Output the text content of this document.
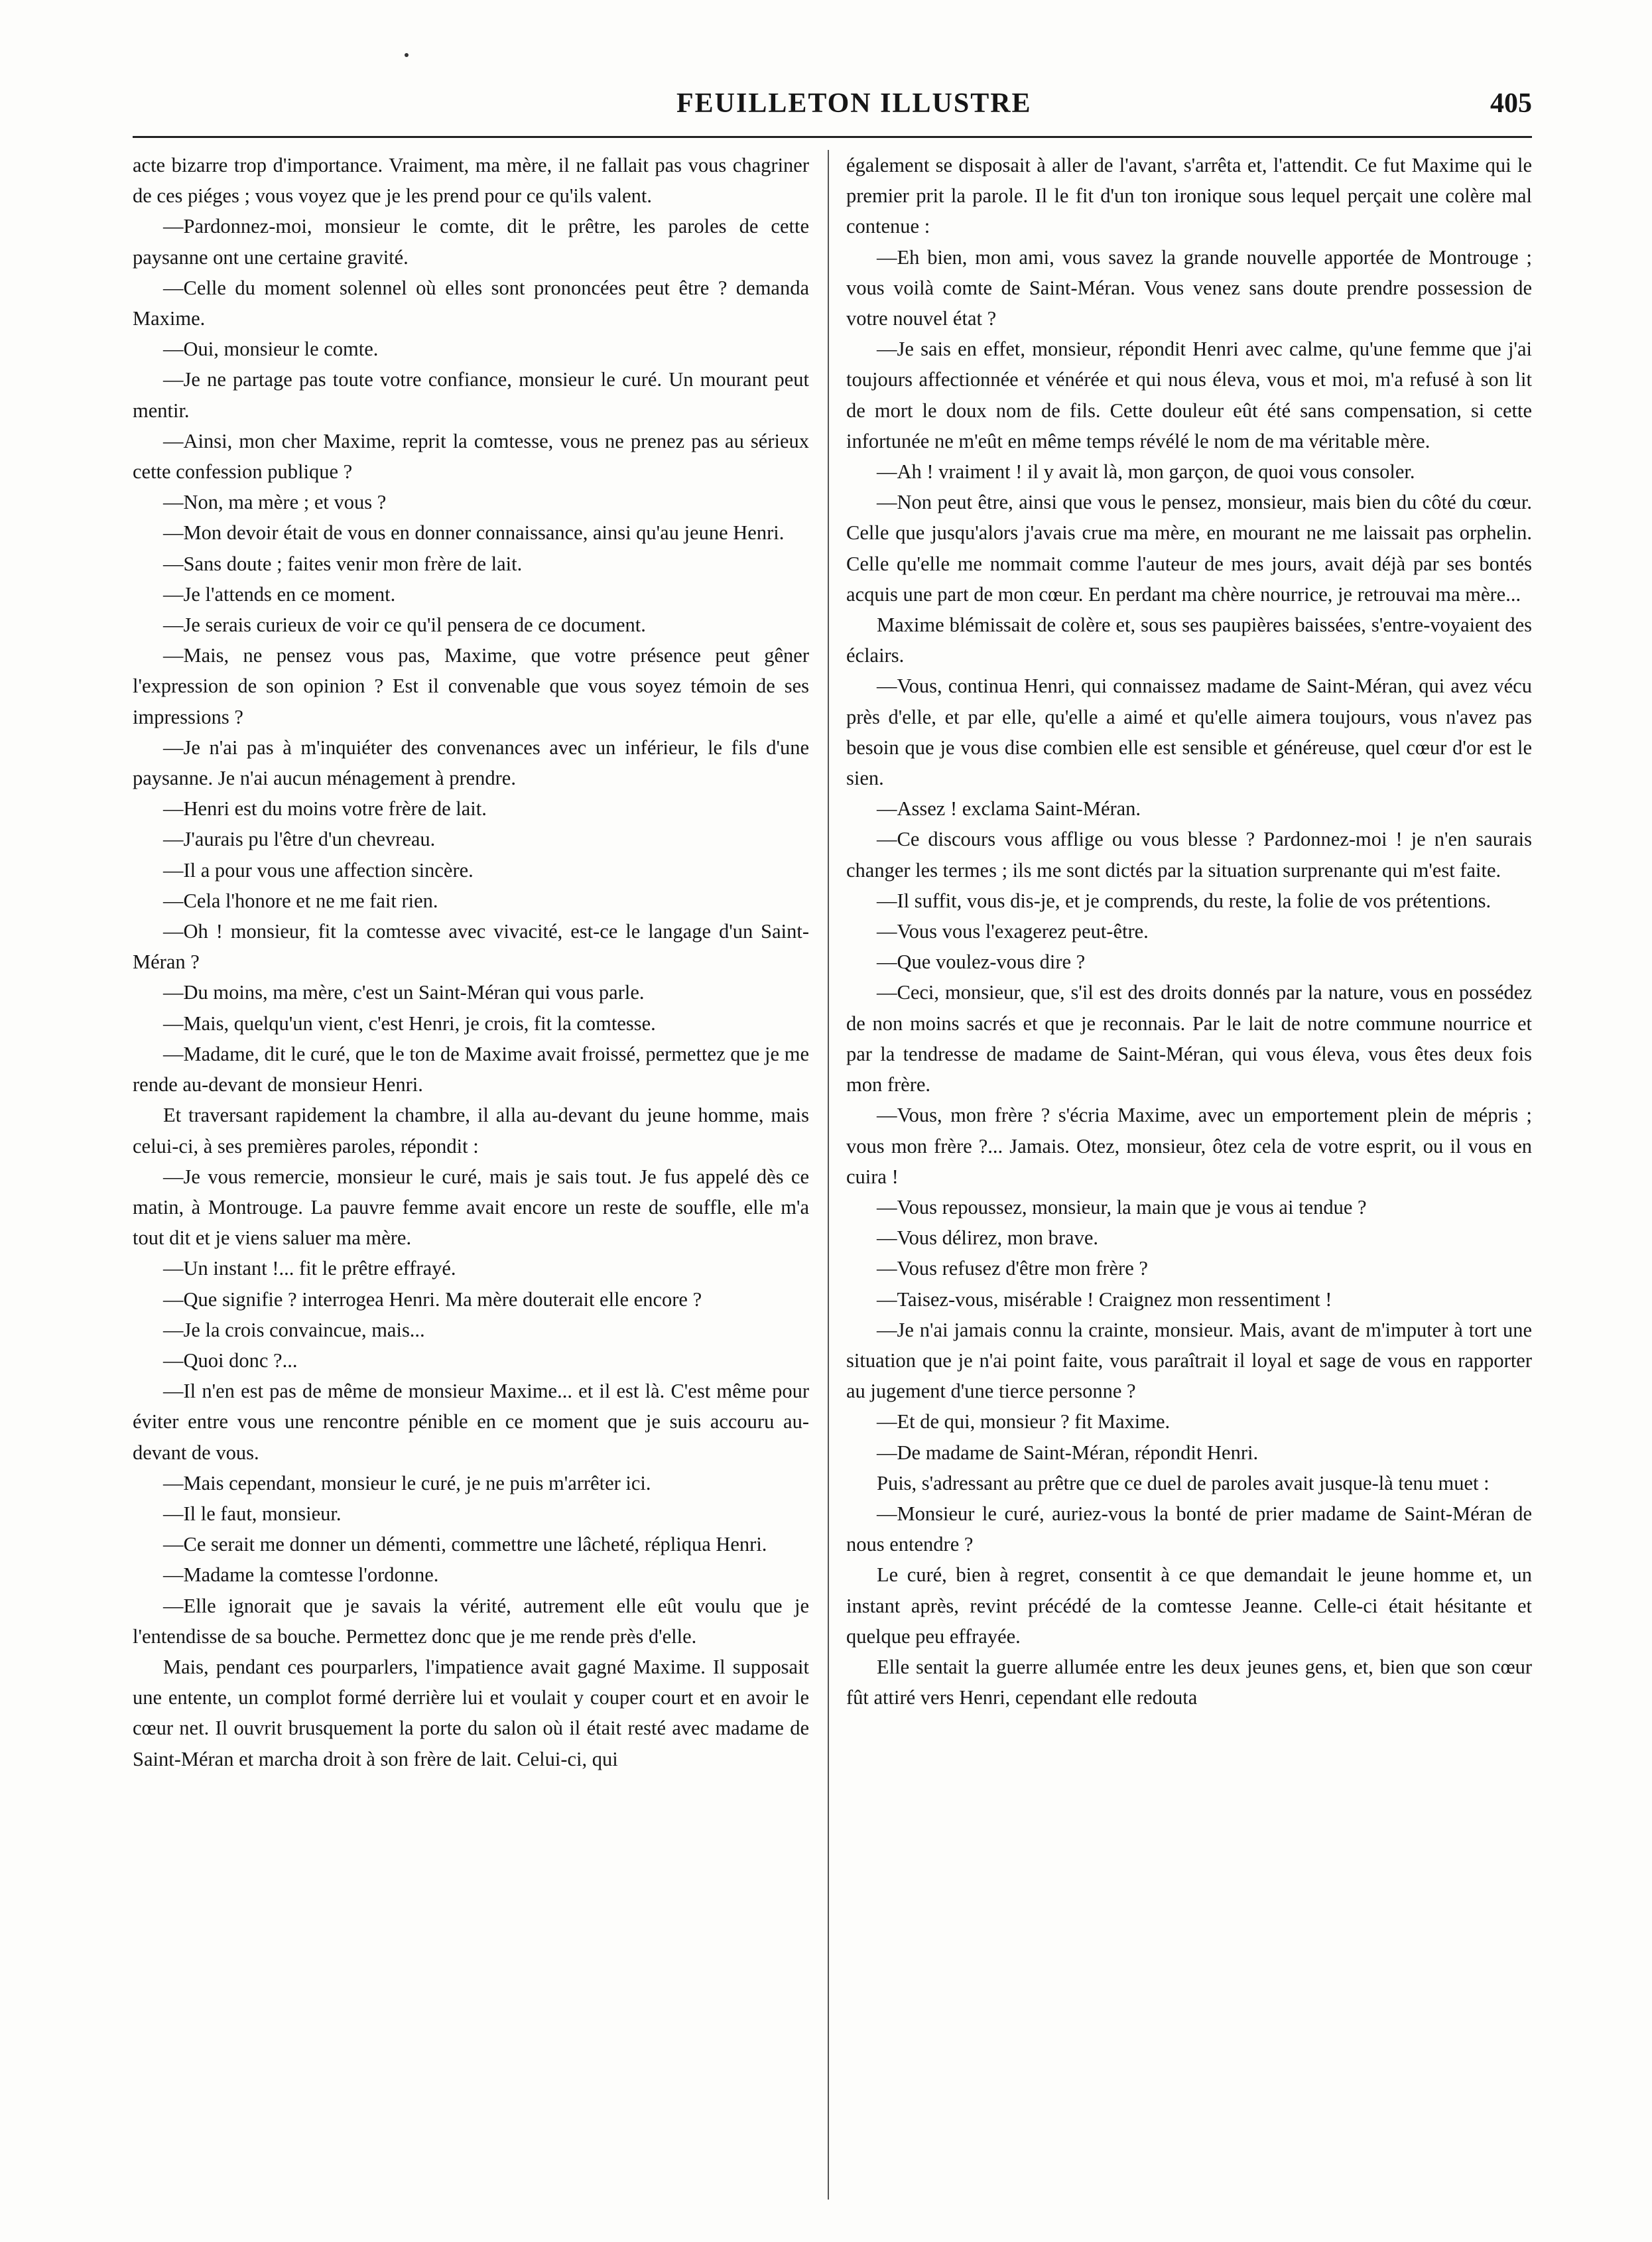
FEUILLETON ILLUSTRE	405

acte bizarre trop d'importance. Vraiment, ma mère, il ne fallait pas vous chagriner de ces piéges ; vous voyez que je les prend pour ce qu'ils valent.

—Pardonnez-moi, monsieur le comte, dit le prêtre, les paroles de cette paysanne ont une certaine gravité.

—Celle du moment solennel où elles sont prononcées peut être ? demanda Maxime.

—Oui, monsieur le comte.

—Je ne partage pas toute votre confiance, monsieur le curé. Un mourant peut mentir.

—Ainsi, mon cher Maxime, reprit la comtesse, vous ne prenez pas au sérieux cette confession publique ?

—Non, ma mère ; et vous ?

—Mon devoir était de vous en donner connaissance, ainsi qu'au jeune Henri.

—Sans doute ; faites venir mon frère de lait.

—Je l'attends en ce moment.

—Je serais curieux de voir ce qu'il pensera de ce document.

—Mais, ne pensez vous pas, Maxime, que votre présence peut gêner l'expression de son opinion ? Est il convenable que vous soyez témoin de ses impressions ?

—Je n'ai pas à m'inquiéter des convenances avec un inférieur, le fils d'une paysanne. Je n'ai aucun ménagement à prendre.

—Henri est du moins votre frère de lait.

—J'aurais pu l'être d'un chevreau.

—Il a pour vous une affection sincère.

—Cela l'honore et ne me fait rien.

—Oh ! monsieur, fit la comtesse avec vivacité, est-ce le langage d'un Saint-Méran ?

—Du moins, ma mère, c'est un Saint-Méran qui vous parle.

—Mais, quelqu'un vient, c'est Henri, je crois, fit la comtesse.

—Madame, dit le curé, que le ton de Maxime avait froissé, permettez que je me rende au-devant de monsieur Henri.

Et traversant rapidement la chambre, il alla au-devant du jeune homme, mais celui-ci, à ses premières paroles, répondit :

—Je vous remercie, monsieur le curé, mais je sais tout. Je fus appelé dès ce matin, à Montrouge. La pauvre femme avait encore un reste de souffle, elle m'a tout dit et je viens saluer ma mère.

—Un instant !... fit le prêtre effrayé.

—Que signifie ? interrogea Henri. Ma mère douterait elle encore ?

—Je la crois convaincue, mais...

—Quoi donc ?...

—Il n'en est pas de même de monsieur Maxime... et il est là. C'est même pour éviter entre vous une rencontre pénible en ce moment que je suis accouru au-devant de vous.

—Mais cependant, monsieur le curé, je ne puis m'arrêter ici.

—Il le faut, monsieur.

—Ce serait me donner un démenti, commettre une lâcheté, répliqua Henri.

—Madame la comtesse l'ordonne.

—Elle ignorait que je savais la vérité, autrement elle eût voulu que je l'entendisse de sa bouche. Permettez donc que je me rende près d'elle.

Mais, pendant ces pourparlers, l'impatience avait gagné Maxime. Il supposait une entente, un complot formé derrière lui et voulait y couper court et en avoir le cœur net. Il ouvrit brusquement la porte du salon où il était resté avec madame de Saint-Méran et marcha droit à son frère de lait. Celui-ci, qui

également se disposait à aller de l'avant, s'arrêta et, l'attendit. Ce fut Maxime qui le premier prit la parole. Il le fit d'un ton ironique sous lequel perçait une colère mal contenue :

—Eh bien, mon ami, vous savez la grande nouvelle apportée de Montrouge ; vous voilà comte de Saint-Méran. Vous venez sans doute prendre possession de votre nouvel état ?

—Je sais en effet, monsieur, répondit Henri avec calme, qu'une femme que j'ai toujours affectionnée et vénérée et qui nous éleva, vous et moi, m'a refusé à son lit de mort le doux nom de fils. Cette douleur eût été sans compensation, si cette infortunée ne m'eût en même temps révélé le nom de ma véritable mère.

—Ah ! vraiment ! il y avait là, mon garçon, de quoi vous consoler.

—Non peut être, ainsi que vous le pensez, monsieur, mais bien du côté du cœur. Celle que jusqu'alors j'avais crue ma mère, en mourant ne me laissait pas orphelin. Celle qu'elle me nommait comme l'auteur de mes jours, avait déjà par ses bontés acquis une part de mon cœur. En perdant ma chère nourrice, je retrouvai ma mère...

Maxime blémissait de colère et, sous ses paupières baissées, s'entre-voyaient des éclairs.

—Vous, continua Henri, qui connaissez madame de Saint-Méran, qui avez vécu près d'elle, et par elle, qu'elle a aimé et qu'elle aimera toujours, vous n'avez pas besoin que je vous dise combien elle est sensible et généreuse, quel cœur d'or est le sien.

—Assez ! exclama Saint-Méran.

—Ce discours vous afflige ou vous blesse ? Pardonnez-moi ! je n'en saurais changer les termes ; ils me sont dictés par la situation surprenante qui m'est faite.

—Il suffit, vous dis-je, et je comprends, du reste, la folie de vos prétentions.

—Vous vous l'exagerez peut-être.

—Que voulez-vous dire ?

—Ceci, monsieur, que, s'il est des droits donnés par la nature, vous en possédez de non moins sacrés et que je reconnais. Par le lait de notre commune nourrice et par la tendresse de madame de Saint-Méran, qui vous éleva, vous êtes deux fois mon frère.

—Vous, mon frère ? s'écria Maxime, avec un emportement plein de mépris ; vous mon frère ?... Jamais. Otez, monsieur, ôtez cela de votre esprit, ou il vous en cuira !

—Vous repoussez, monsieur, la main que je vous ai tendue ?

—Vous délirez, mon brave.

—Vous refusez d'être mon frère ?

—Taisez-vous, misérable ! Craignez mon ressentiment !

—Je n'ai jamais connu la crainte, monsieur. Mais, avant de m'imputer à tort une situation que je n'ai point faite, vous paraîtrait il loyal et sage de vous en rapporter au jugement d'une tierce personne ?

—Et de qui, monsieur ? fit Maxime.

—De madame de Saint-Méran, répondit Henri.

Puis, s'adressant au prêtre que ce duel de paroles avait jusque-là tenu muet :

—Monsieur le curé, auriez-vous la bonté de prier madame de Saint-Méran de nous entendre ?

Le curé, bien à regret, consentit à ce que demandait le jeune homme et, un instant après, revint précédé de la comtesse Jeanne. Celle-ci était hésitante et quelque peu effrayée.

Elle sentait la guerre allumée entre les deux jeunes gens, et, bien que son cœur fût attiré vers Henri, cependant elle redouta
